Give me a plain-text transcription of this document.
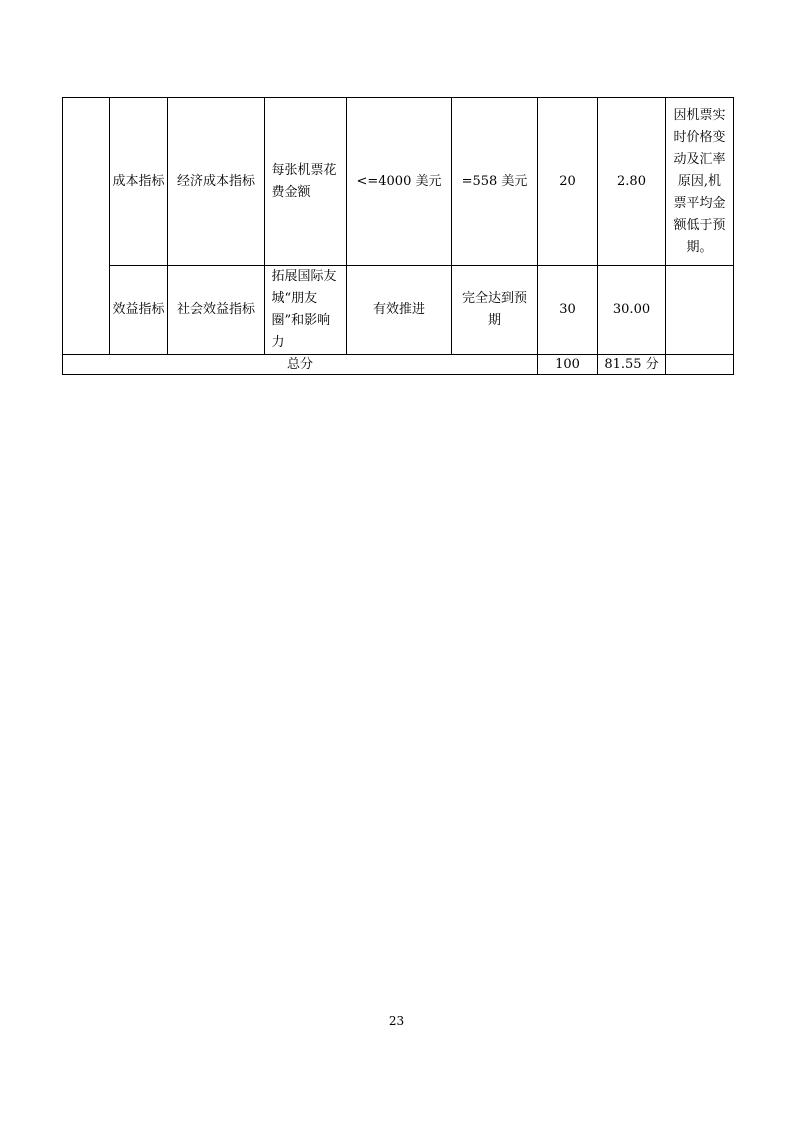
	成本指标	经济成本指标	每张机票花费金额	<=4000 美元	=558 美元	20	2.80	因机票实时价格变动及汇率原因,机票平均金额低于预期。

	效益指标	社会效益指标	拓展国际友城“朋友圈”和影响力	有效推进	完全达到预期	30	30.00	
总分						100	81.55 分	
23
